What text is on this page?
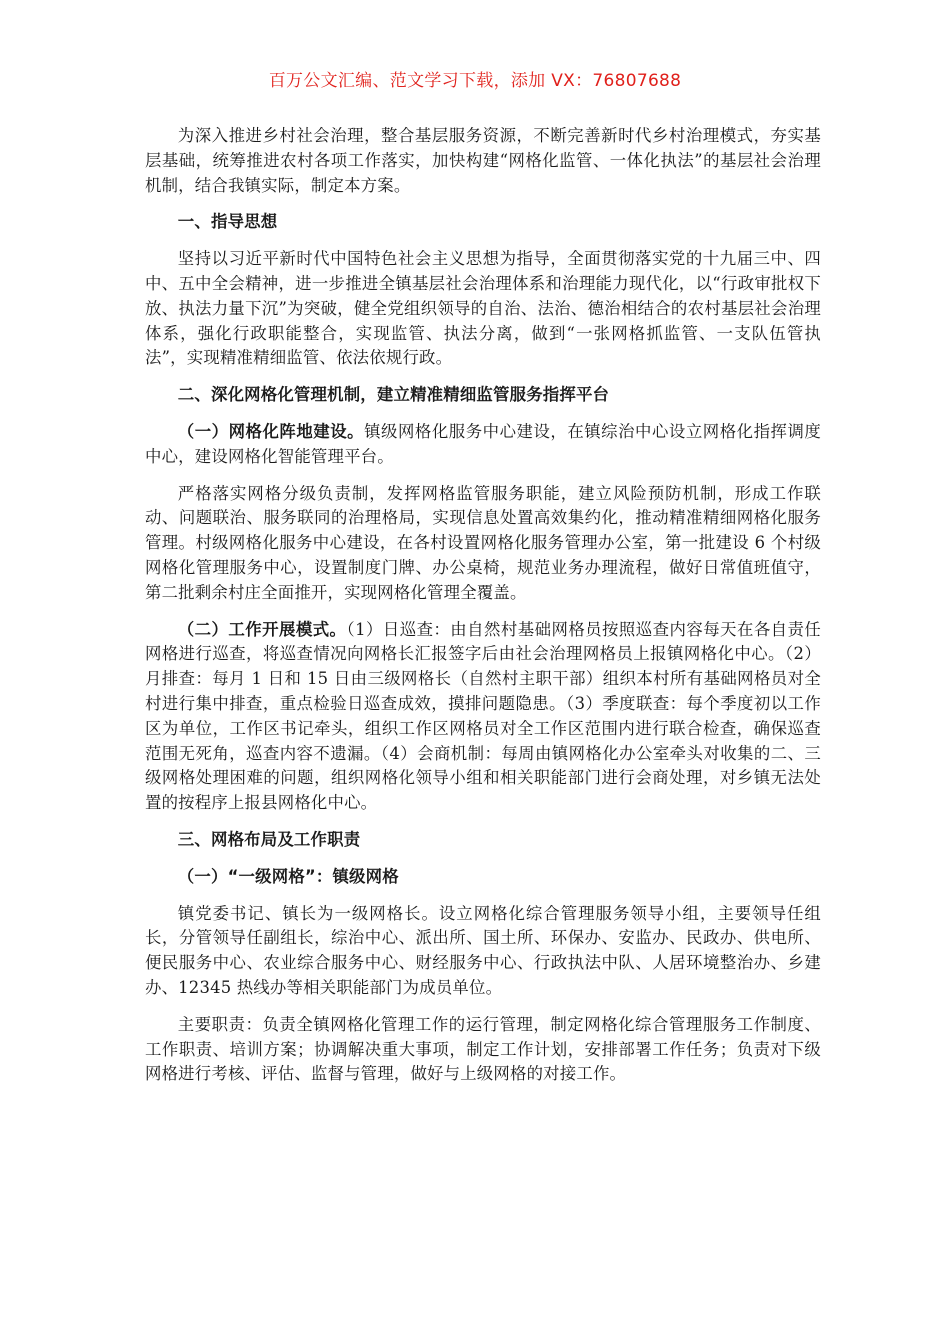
百万公文汇编、范文学习下载，添加 VX：76807688

为深入推进乡村社会治理，整合基层服务资源，不断完善新时代乡村治理模式，夯实基层基础，统筹推进农村各项工作落实，加快构建“网格化监管、一体化执法”的基层社会治理机制，结合我镇实际，制定本方案。

一、指导思想

坚持以习近平新时代中国特色社会主义思想为指导，全面贯彻落实党的十九届三中、四中、五中全会精神，进一步推进全镇基层社会治理体系和治理能力现代化，以“行政审批权下放、执法力量下沉”为突破，健全党组织领导的自治、法治、德治相结合的农村基层社会治理体系，强化行政职能整合，实现监管、执法分离，做到“一张网格抓监管、一支队伍管执法”，实现精准精细监管、依法依规行政。

二、深化网格化管理机制，建立精准精细监管服务指挥平台

（一）网格化阵地建设。镇级网格化服务中心建设，在镇综治中心设立网格化指挥调度中心，建设网格化智能管理平台。

严格落实网格分级负责制，发挥网格监管服务职能，建立风险预防机制，形成工作联动、问题联治、服务联同的治理格局，实现信息处置高效集约化，推动精准精细网格化服务管理。村级网格化服务中心建设，在各村设置网格化服务管理办公室，第一批建设 6 个村级网格化管理服务中心，设置制度门牌、办公桌椅，规范业务办理流程，做好日常值班值守，第二批剩余村庄全面推开，实现网格化管理全覆盖。

（二）工作开展模式。（1）日巡查：由自然村基础网格员按照巡查内容每天在各自责任网格进行巡查，将巡查情况向网格长汇报签字后由社会治理网格员上报镇网格化中心。（2）月排查：每月 1 日和 15 日由三级网格长（自然村主职干部）组织本村所有基础网格员对全村进行集中排查，重点检验日巡查成效，摸排问题隐患。（3）季度联查：每个季度初以工作区为单位，工作区书记牵头，组织工作区网格员对全工作区范围内进行联合检查，确保巡查范围无死角，巡查内容不遗漏。（4）会商机制：每周由镇网格化办公室牵头对收集的二、三级网格处理困难的问题，组织网格化领导小组和相关职能部门进行会商处理，对乡镇无法处置的按程序上报县网格化中心。

三、网格布局及工作职责

（一）“一级网格”：镇级网格

镇党委书记、镇长为一级网格长。设立网格化综合管理服务领导小组，主要领导任组长，分管领导任副组长，综治中心、派出所、国土所、环保办、安监办、民政办、供电所、便民服务中心、农业综合服务中心、财经服务中心、行政执法中队、人居环境整治办、乡建办、12345 热线办等相关职能部门为成员单位。

主要职责：负责全镇网格化管理工作的运行管理，制定网格化综合管理服务工作制度、工作职责、培训方案；协调解决重大事项，制定工作计划，安排部署工作任务；负责对下级网格进行考核、评估、监督与管理，做好与上级网格的对接工作。
